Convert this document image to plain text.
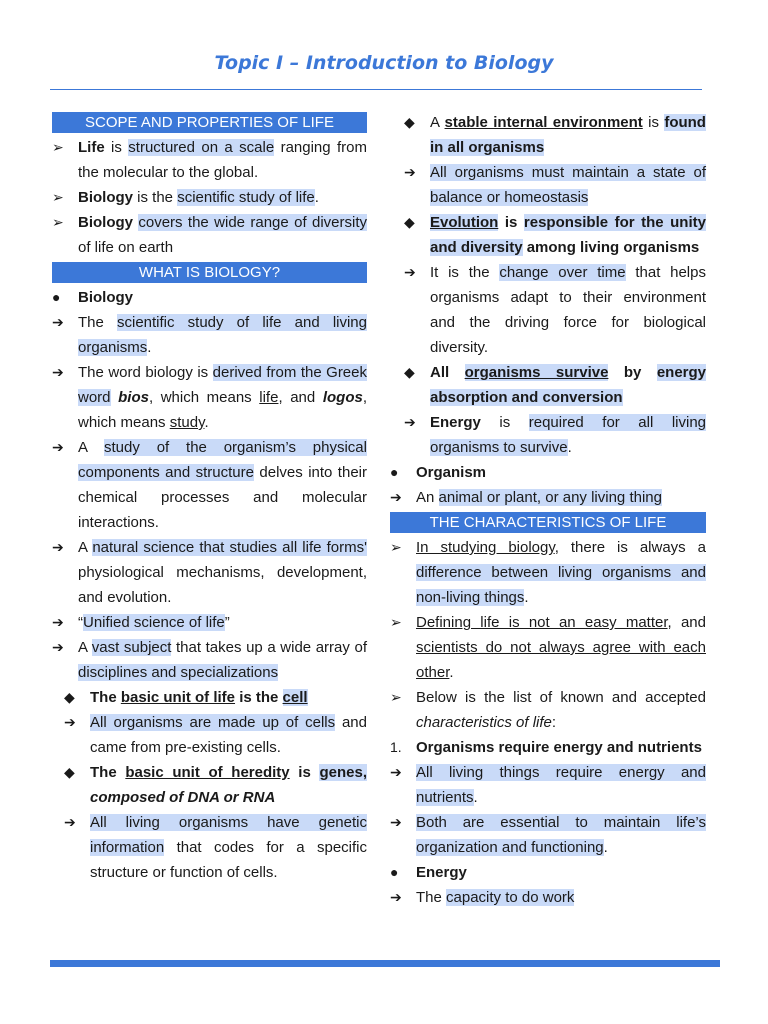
Topic I – Introduction to Biology
SCOPE AND PROPERTIES OF LIFE
➢ Life is structured on a scale ranging from the molecular to the global.
➢ Biology is the scientific study of life.
➢ Biology covers the wide range of diversity of life on earth
WHAT IS BIOLOGY?
● Biology
➔ The scientific study of life and living organisms.
➔ The word biology is derived from the Greek word bios, which means life, and logos, which means study.
➔ A study of the organism’s physical components and structure delves into their chemical processes and molecular interactions.
➔ A natural science that studies all life forms' physiological mechanisms, development, and evolution.
➔ “Unified science of life”
➔ A vast subject that takes up a wide array of disciplines and specializations
◆ The basic unit of life is the cell
➔ All organisms are made up of cells and came from pre-existing cells.
◆ The basic unit of heredity is genes, composed of DNA or RNA
➔ All living organisms have genetic information that codes for a specific structure or function of cells.
◆ A stable internal environment is found in all organisms
➔ All organisms must maintain a state of balance or homeostasis
◆ Evolution is responsible for the unity and diversity among living organisms
➔ It is the change over time that helps organisms adapt to their environment and the driving force for biological diversity.
◆ All organisms survive by energy absorption and conversion
➔ Energy is required for all living organisms to survive.
● Organism
➔ An animal or plant, or any living thing
THE CHARACTERISTICS OF LIFE
➢ In studying biology, there is always a difference between living organisms and non-living things.
➢ Defining life is not an easy matter, and scientists do not always agree with each other.
➢ Below is the list of known and accepted characteristics of life:
1. Organisms require energy and nutrients
➔ All living things require energy and nutrients.
➔ Both are essential to maintain life’s organization and functioning.
● Energy
➔ The capacity to do work
